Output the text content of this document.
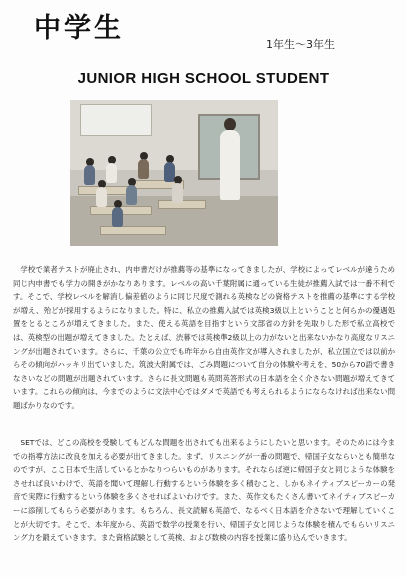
中学生
1年生～3年生
JUNIOR HIGH SCHOOL STUDENT

学校で業者テストが廃止され、内申書だけが推薦等の基準になってきましたが、学校によってレベルが違うため同じ内申書でも学力の開きがかなりあります。レベルの高い千葉附属に通っている生徒が推薦入試では一番不利です。そこで、学校レベルを解消し偏差値のように同じ尺度で測れる英検などの資格テストを推薦の基準にする学校が増え、殆どが採用するようになりました。特に、私立の推薦入試では英検3級以上ということと何らかの優遇処置をとるところが増えてきました。また、使える英語を目指すという文部省の方針を先取りした形で私立高校では、英検型の出題が増えてきました。たとえば、渋幕では英検準2級以上の力がないと出来ないかなり高度なリスニングが出題されています。さらに、千葉の公立でも昨年から自由英作文が導入されましたが、私立国立では以前からその傾向がハッキリ出ていました。筑波大附属では、ごみ問題について自分の体験や考えを、50から70語で書きなさいなどの問題が出題されています。さらに長文問題も英問英答形式の日本語を全く介さない問題が増えてきています。これらの傾向は、今までのように文法中心ではダメで英語でも考えられるようにならなければ出来ない問題ばかりなのです。

SETでは、どこの高校を受験してもどんな問題を出されても出来るようにしたいと思います。そのためには今までの指導方法に改良を加える必要が出てきました。まず、リスニングが一番の問題で、帰国子女ならいとも簡単なのですが、ここ日本で生活しているとかなりつらいものがあります。それならば逆に帰国子女と同じような体験をさせれば良いわけで、英語を聞いて理解し行動するという体験を多く積むこと、しかもネイティブスピーカーの発音で実際に行動するという体験を多くさせればよいわけです。また、英作文もたくさん書いてネイティブスピーカーに添削してもらう必要があります。もちろん、長文読解も英語で、なるべく日本語を介さないで理解していくことが大切です。そこで、本年度から、英語で数学の授業を行い、帰国子女と同じような体験を積んでもらいリスニング力を鍛えていきます。また資格試験として英検、および数検の内容を授業に盛り込んでいきます。
